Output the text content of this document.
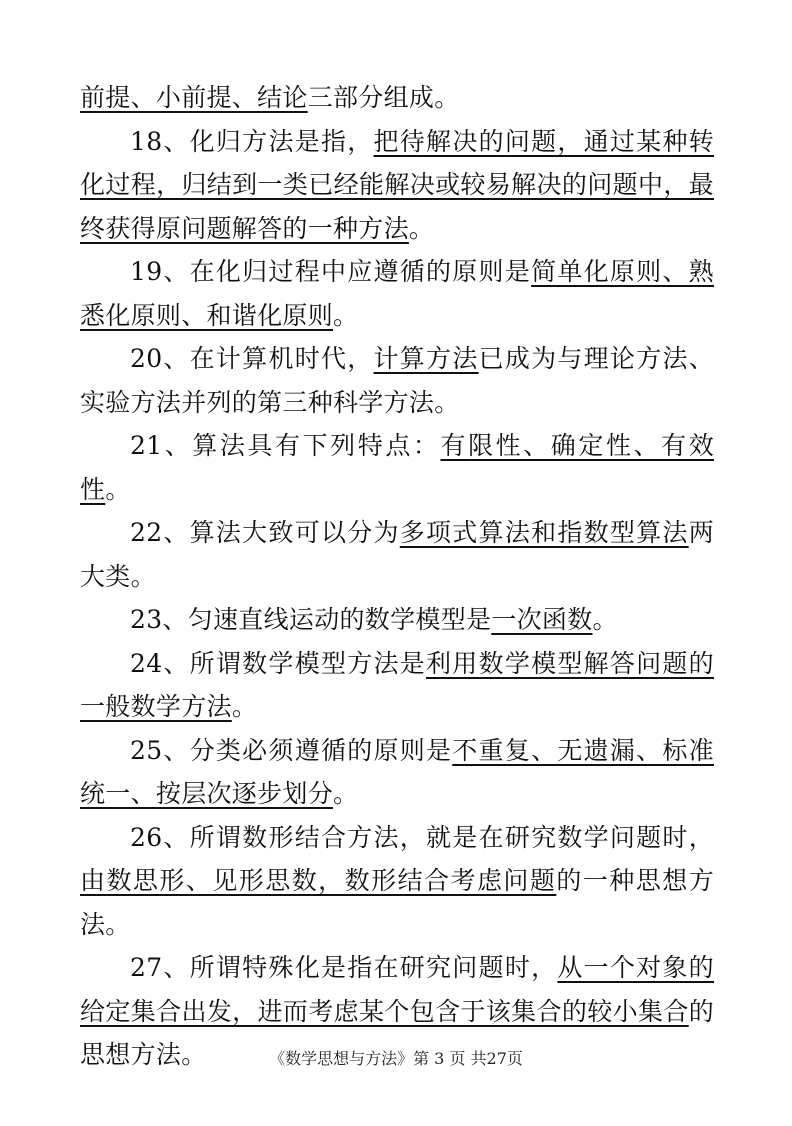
前提、小前提、结论三部分组成。

18、化归方法是指，把待解决的问题，通过某种转化过程，归结到一类已经能解决或较易解决的问题中，最终获得原问题解答的一种方法。

19、在化归过程中应遵循的原则是简单化原则、熟悉化原则、和谐化原则。

20、在计算机时代，计算方法已成为与理论方法、实验方法并列的第三种科学方法。

21、算法具有下列特点：有限性、确定性、有效性。

22、算法大致可以分为多项式算法和指数型算法两大类。

23、匀速直线运动的数学模型是一次函数。

24、所谓数学模型方法是利用数学模型解答问题的一般数学方法。

25、分类必须遵循的原则是不重复、无遗漏、标准统一、按层次逐步划分。

26、所谓数形结合方法，就是在研究数学问题时，由数思形、见形思数，数形结合考虑问题的一种思想方法。

27、所谓特殊化是指在研究问题时，从一个对象的给定集合出发，进而考虑某个包含于该集合的较小集合的思想方法。	《数学思想与方法》第 3 页 共27页
